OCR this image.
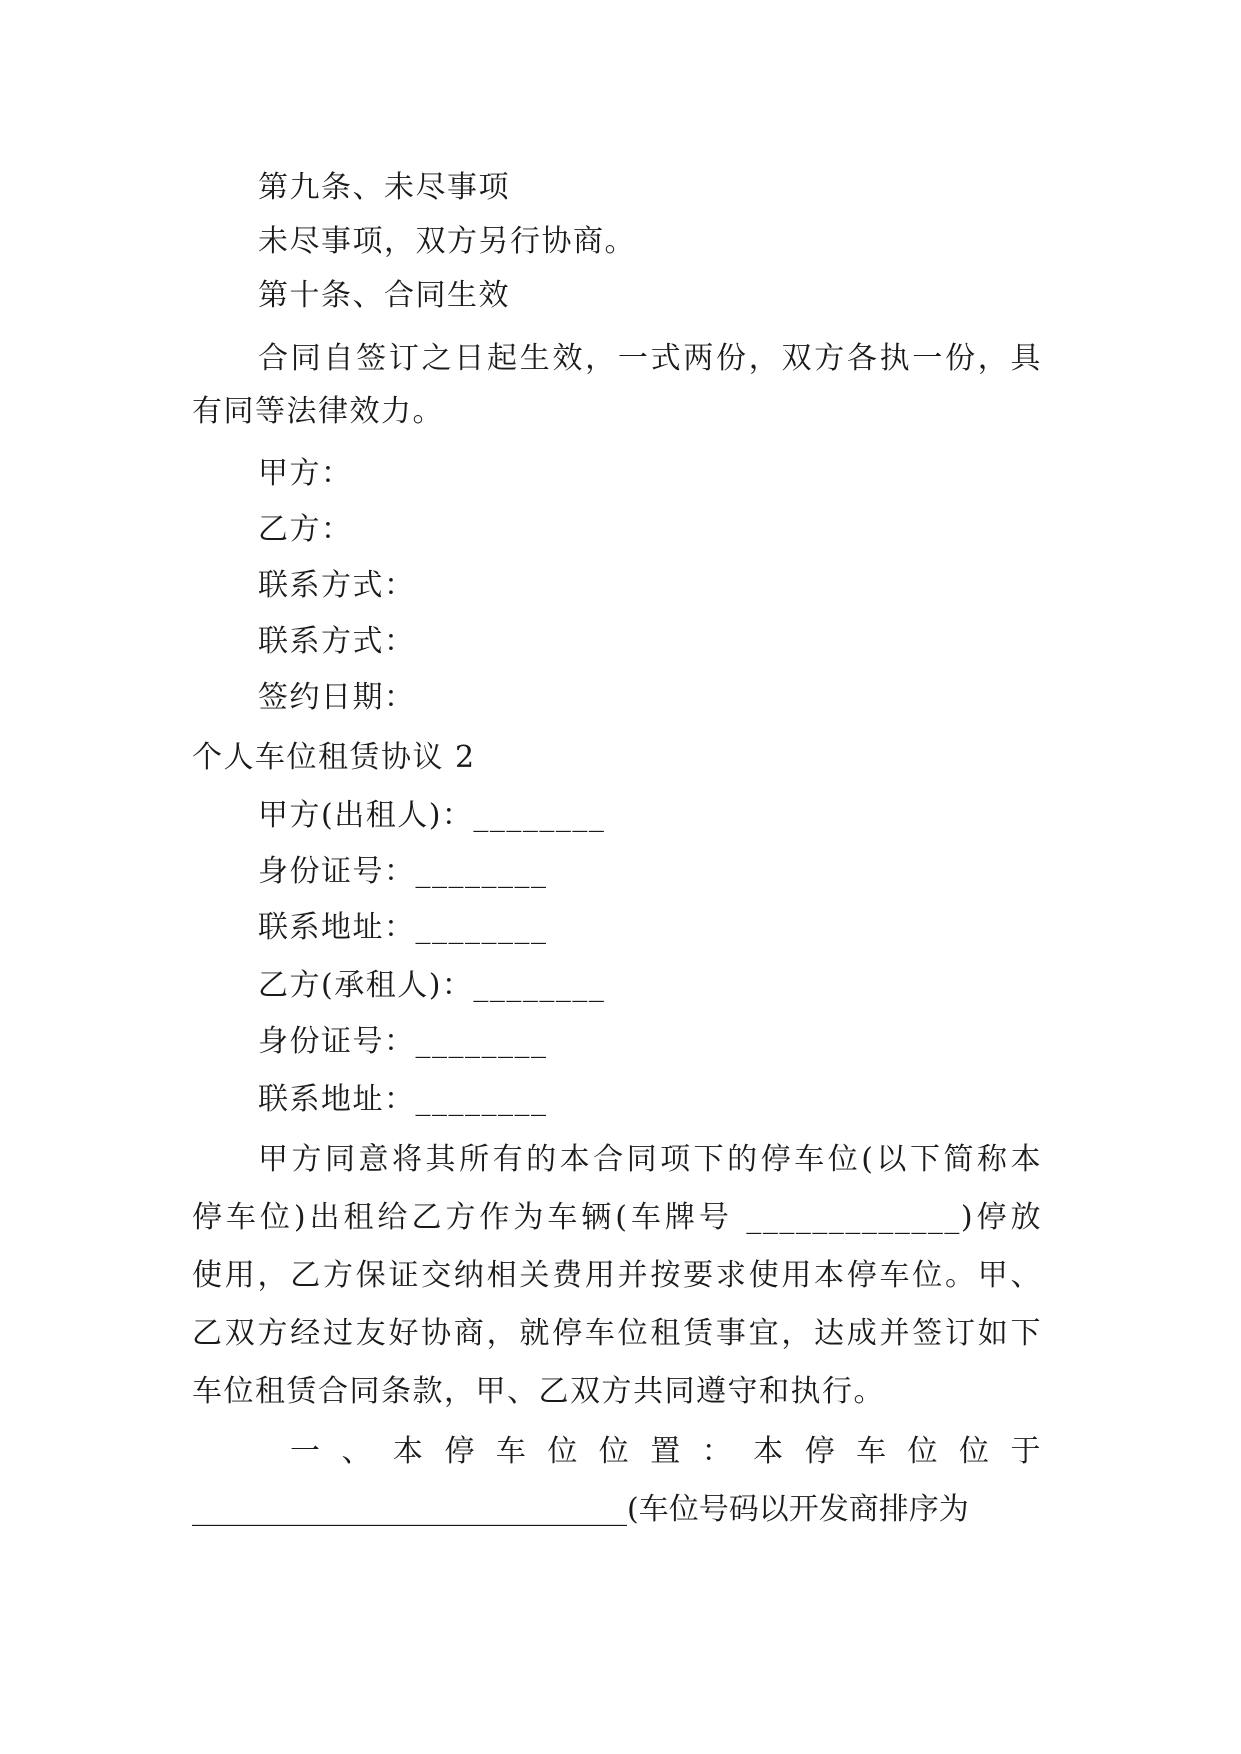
第九条、未尽事项
未尽事项，双方另行协商。
第十条、合同生效
合同自签订之日起生效，一式两份，双方各执一份，具
有同等法律效力。
甲方：
乙方：
联系方式：
联系方式：
签约日期：
个人车位租赁协议 2
甲方(出租人)：________
身份证号：________
联系地址：________
乙方(承租人)：________
身份证号：________
联系地址：________
甲方同意将其所有的本合同项下的停车位(以下简称本
停车位)出租给乙方作为车辆(车牌号 _____________)停放
使用，乙方保证交纳相关费用并按要求使用本停车位。甲、
乙双方经过友好协商，就停车位租赁事宜，达成并签订如下
车位租赁合同条款，甲、乙双方共同遵守和执行。
一 、 本 停 车 位 位 置 ： 本 停 车 位 位 于
_____________________________(车位号码以开发商排序为
